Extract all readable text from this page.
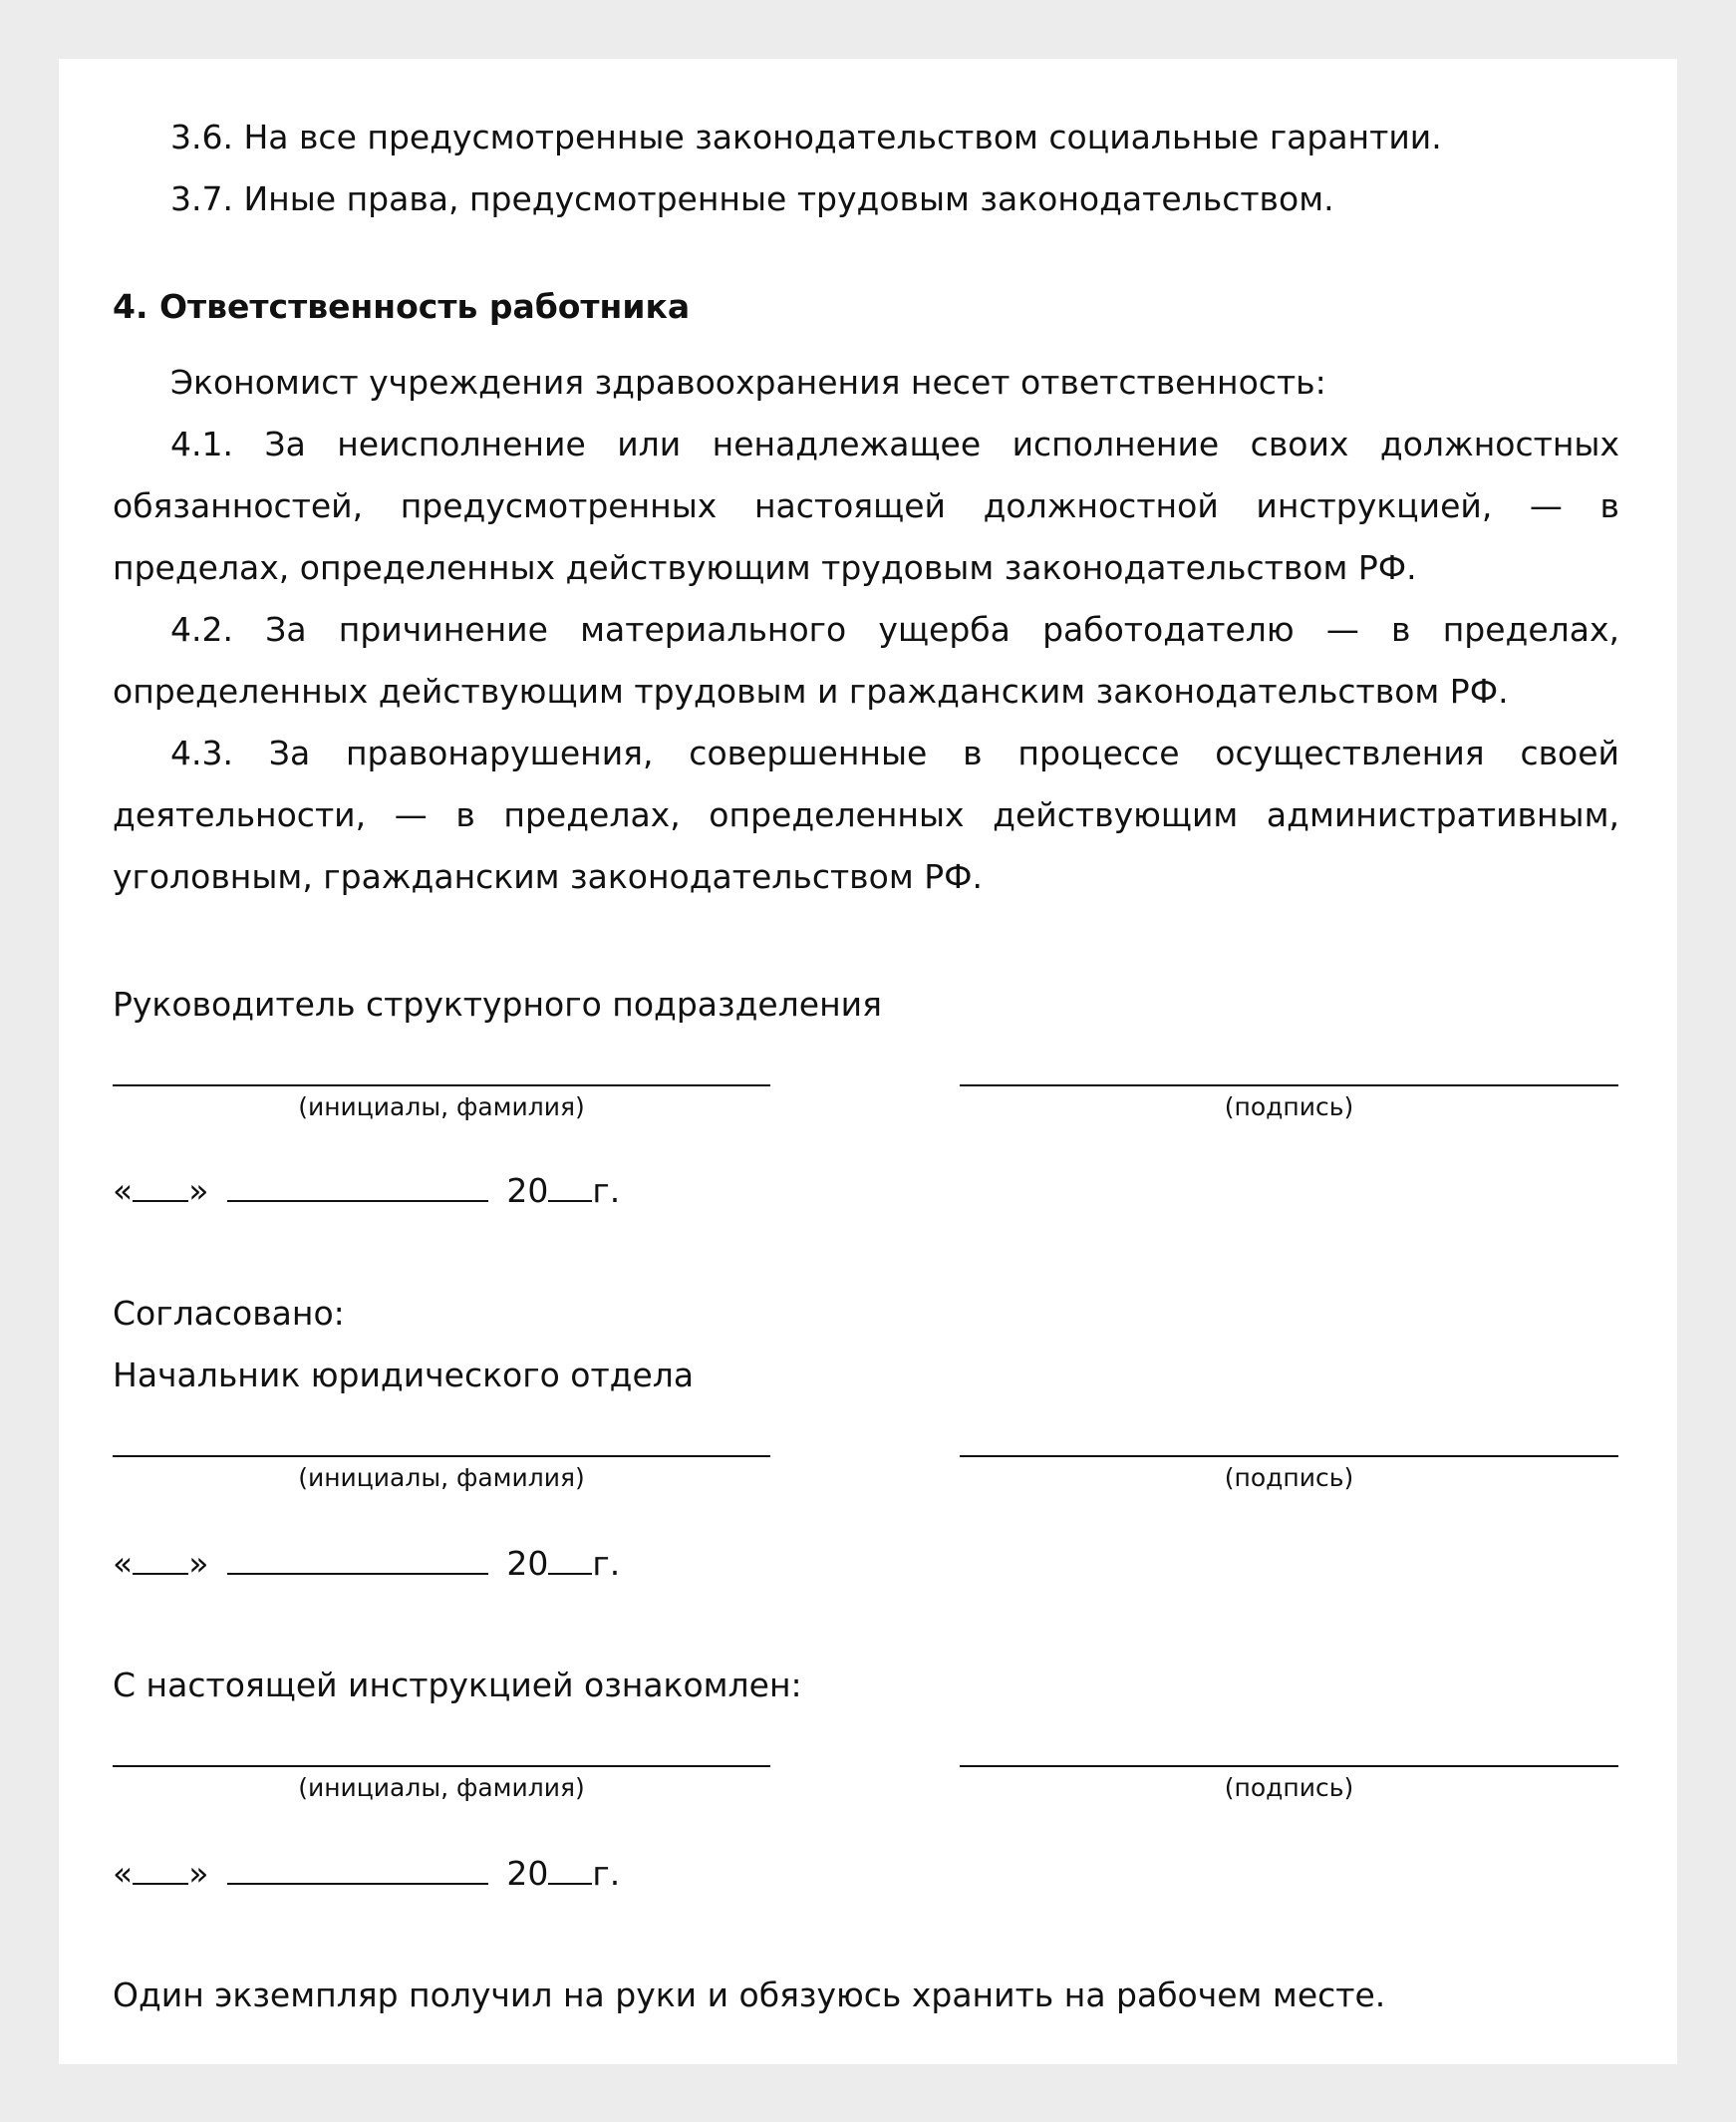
3.6. На все предусмотренные законодательством социальные гарантии.

3.7. Иные права, предусмотренные трудовым законодательством.

4. Ответственность работника

Экономист учреждения здравоохранения несет ответственность:

4.1. За неисполнение или ненадлежащее исполнение своих должностных обязанностей, предусмотренных настоящей должностной инструкцией, — в пределах, определенных действующим трудовым законодательством РФ.

4.2. За причинение материального ущерба работодателю — в пределах, определенных действующим трудовым и гражданским законодательством РФ.

4.3. За правонарушения, совершенные в процессе осуществления своей деятельности, — в пределах, определенных действующим административным, уголовным, гражданским законодательством РФ.

Руководитель структурного подразделения

(инициалы, фамилия)	(подпись)

« »	20 г.

Согласовано:

Начальник юридического отдела

(инициалы, фамилия)	(подпись)

« »	20 г.

С настоящей инструкцией ознакомлен:

(инициалы, фамилия)	(подпись)

« »	20 г.

Один экземпляр получил на руки и обязуюсь хранить на рабочем месте.
